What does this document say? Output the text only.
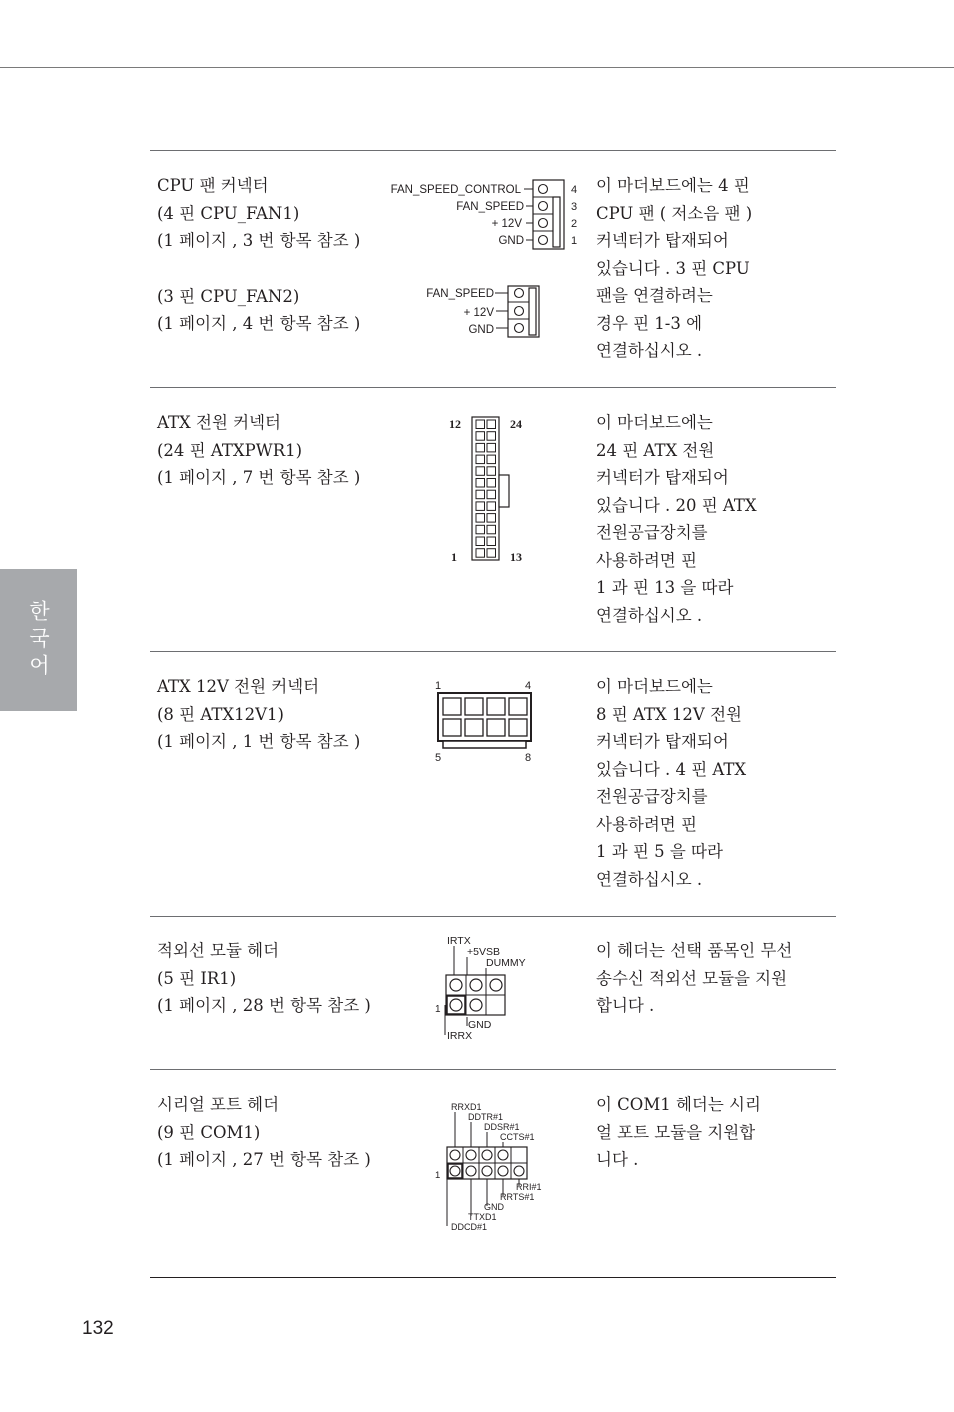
한국어
132
CPU 팬 커넥터
(4 핀 CPU_FAN1)
(1 페이지 , 3 번 항목 참조 )
(3 핀 CPU_FAN2)
(1 페이지 , 4 번 항목 참조 )
이 마더보드에는 4 핀
CPU 팬 ( 저소음 팬 )
커넥터가 탑재되어
있습니다 . 3 핀 CPU
팬을 연결하려는
경우 핀 1-3 에
연결하십시오 .
FAN_SPEED_CONTROL
FAN_SPEED
+ 12V
GND
4
3
2
1
FAN_SPEED
+ 12V
GND
ATX 전원 커넥터
(24 핀 ATXPWR1)
(1 페이지 , 7 번 항목 참조 )
이 마더보드에는
24 핀 ATX 전원
커넥터가 탑재되어
있습니다 . 20 핀 ATX
전원공급장치를
사용하려면 핀
1 과 핀 13 을 따라
연결하십시오 .
12	24
1	13
ATX 12V 전원 커넥터
(8 핀 ATX12V1)
(1 페이지 , 1 번 항목 참조 )
이 마더보드에는
8 핀 ATX 12V 전원
커넥터가 탑재되어
있습니다 . 4 핀 ATX
전원공급장치를
사용하려면 핀
1 과 핀 5 을 따라
연결하십시오 .
1	4
5	8
적외선 모듈 헤더
(5 핀 IR1)
(1 페이지 , 28 번 항목 참조 )
이 헤더는 선택 품목인 무선
송수신 적외선 모듈을 지원
합니다 .
IRTX
+5VSB
DUMMY
GND
IRRX
1
시리얼 포트 헤더
(9 핀 COM1)
(1 페이지 , 27 번 항목 참조 )
이 COM1 헤더는 시리
얼 포트 모듈을 지원합
니다 .
RRXD1
DDTR#1
DDSR#1
CCTS#1
RRI#1
RRTS#1
GND
TTXD1
DDCD#1
1
